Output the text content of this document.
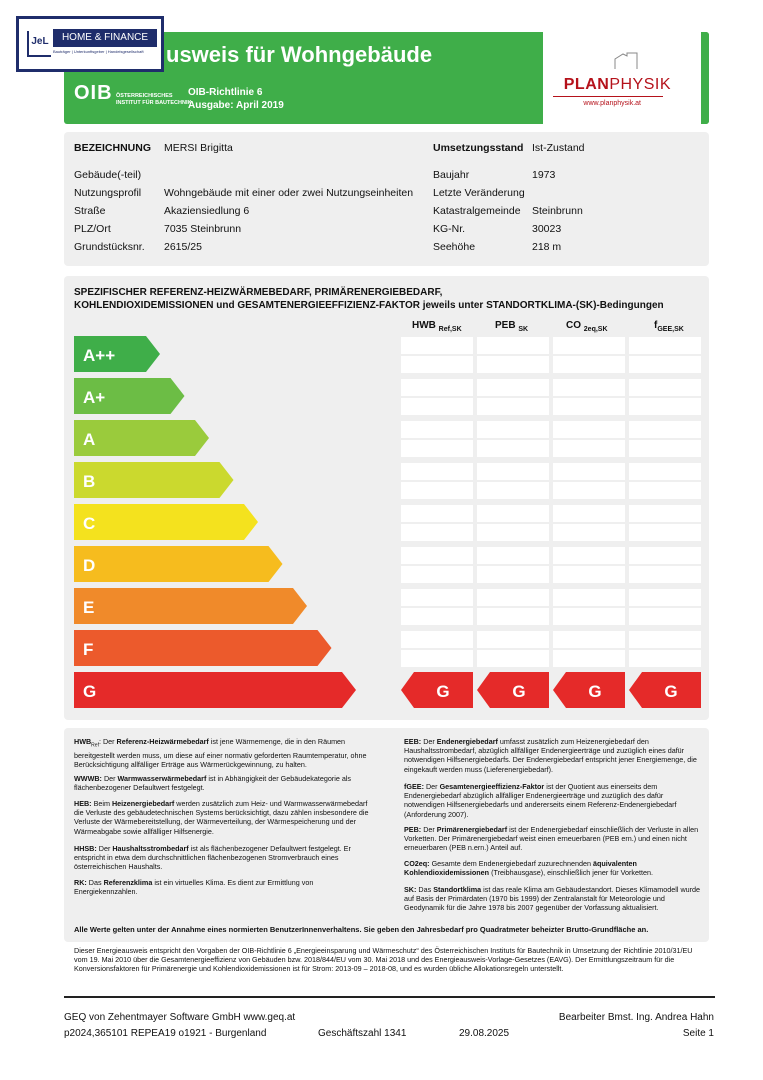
usweis für Wohngebäude
OIB ÖSTERREICHISCHES
INSTITUT FÜR BAUTECHNIK
OIB-Richtlinie 6
Ausgabe: April 2019
PLANPHYSIK
www.planphysik.at
JeL	HOME & FINANCE
Bauträger | Unterkunftsgeber | Handelsgesellschaft
BEZEICHNUNG MERSI Brigitta	Umsetzungsstand Ist-Zustand
Gebäude(-teil)
Nutzungsprofil Wohngebäude mit einer oder zwei Nutzungseinheiten
Straße	Akaziensiedlung 6
PLZ/Ort	7035 Steinbrunn
Grundstücksnr. 2615/25
Baujahr	1973
Letzte Veränderung
Katastralgemeinde Steinbrunn
KG-Nr.	30023
Seehöhe	218 m
SPEZIFISCHER REFERENZ-HEIZWÄRMEBEDARF, PRIMÄRENERGIEBEDARF,
KOHLENDIOXIDEMISSIONEN und GESAMTENERGIEEFFIZIENZ-FAKTOR jeweils unter STANDORTKLIMA-(SK)-Bedingungen
HWB $_{Ref,SK}$	PEB $_{SK}$	CO $_{2eq,SK}$	$f_{GEE,SK}$
A++
A+
A
B
C
D
E
F
G	G	G	G	G

$HWB_{Ref}$: Der Referenz-Heizwärmebedarf ist jene Wärmemenge, die in den Räumen bereitgestellt werden muss, um diese auf einer normativ geforderten Raumtemperatur, ohne Berücksichtigung allfälliger Erträge aus Wärmerückgewinnung, zu halten.

WWWB: Der Warmwasserwärmebedarf ist in Abhängigkeit der Gebäudekategorie als flächenbezogener Defaultwert festgelegt.

HEB: Beim Heizenergiebedarf werden zusätzlich zum Heiz- und Warmwasserwärmebedarf die Verluste des gebäudetechnischen Systems berücksichtigt, dazu zählen insbesondere die Verluste der Wärmebereitstellung, der Wärmeverteilung, der Wärmespeicherung und der Wärmeabgabe sowie allfälliger Hilfsenergie.

HHSB: Der Haushaltsstrombedarf ist als flächenbezogener Defaultwert festgelegt. Er entspricht in etwa dem durchschnittlichen flächenbezogenen Stromverbrauch eines österreichischen Haushalts.

RK: Das Referenzklima ist ein virtuelles Klima. Es dient zur Ermittlung von Energiekennzahlen.

EEB: Der Endenergiebedarf umfasst zusätzlich zum Heizenergiebedarf den Haushaltsstrombedarf, abzüglich allfälliger Endenergieerträge und zuzüglich eines dafür notwendigen Hilfsenergiebedarfs. Der Endenergiebedarf entspricht jener Energiemenge, die eingekauft werden muss (Lieferenergiebedarf).

fGEE: Der Gesamtenergieeffizienz-Faktor ist der Quotient aus einerseits dem Endenergiebedarf abzüglich allfälliger Endenergieerträge und zuzüglich des dafür notwendigen Hilfsenergiebedarfs und andererseits einem Referenz-Endenergiebedarf (Anforderung 2007).

PEB: Der Primärenergiebedarf ist der Endenergiebedarf einschließlich der Verluste in allen Vorketten. Der Primärenergiebedarf weist einen erneuerbaren (PEB ern.) und einen nicht erneuerbaren (PEB n.ern.) Anteil auf.

CO2eq: Gesamte dem Endenergiebedarf zuzurechnenden äquivalenten Kohlendioxidemissionen (Treibhausgase), einschließlich jener für Vorketten.

SK: Das Standortklima ist das reale Klima am Gebäudestandort. Dieses Klimamodell wurde auf Basis der Primärdaten (1970 bis 1999) der Zentralanstalt für Meteorologie und Geodynamik für die Jahre 1978 bis 2007 gegenüber der Vorfassung aktualisiert.

Alle Werte gelten unter der Annahme eines normierten BenutzerInnenverhaltens. Sie geben den Jahresbedarf pro Quadratmeter beheizter Brutto-Grundfläche an.
Dieser Energieausweis entspricht den Vorgaben der OIB-Richtlinie 6 „Energieeinsparung und Wärmeschutz“ des Österreichischen Instituts für Bautechnik in Umsetzung der Richtlinie 2010/31/EU vom 19. Mai 2010 über die Gesamtenergieeffizienz von Gebäuden bzw. 2018/844/EU vom 30. Mai 2018 und des Energieausweis-Vorlage-Gesetzes (EAVG). Der Ermittlungszeitraum für die Konversionsfaktoren für Primärenergie und Kohlendioxidemissionen ist für Strom: 2013-09 – 2018-08, und es wurden übliche Allokationsregeln unterstellt.
GEQ von Zehentmayer Software GmbH www.geq.at
p2024,365101 REPEA19 o1921 - Burgenland	Geschäftszahl 1341	29.08.2025
Bearbeiter Bmst. Ing. Andrea Hahn
Seite 1
